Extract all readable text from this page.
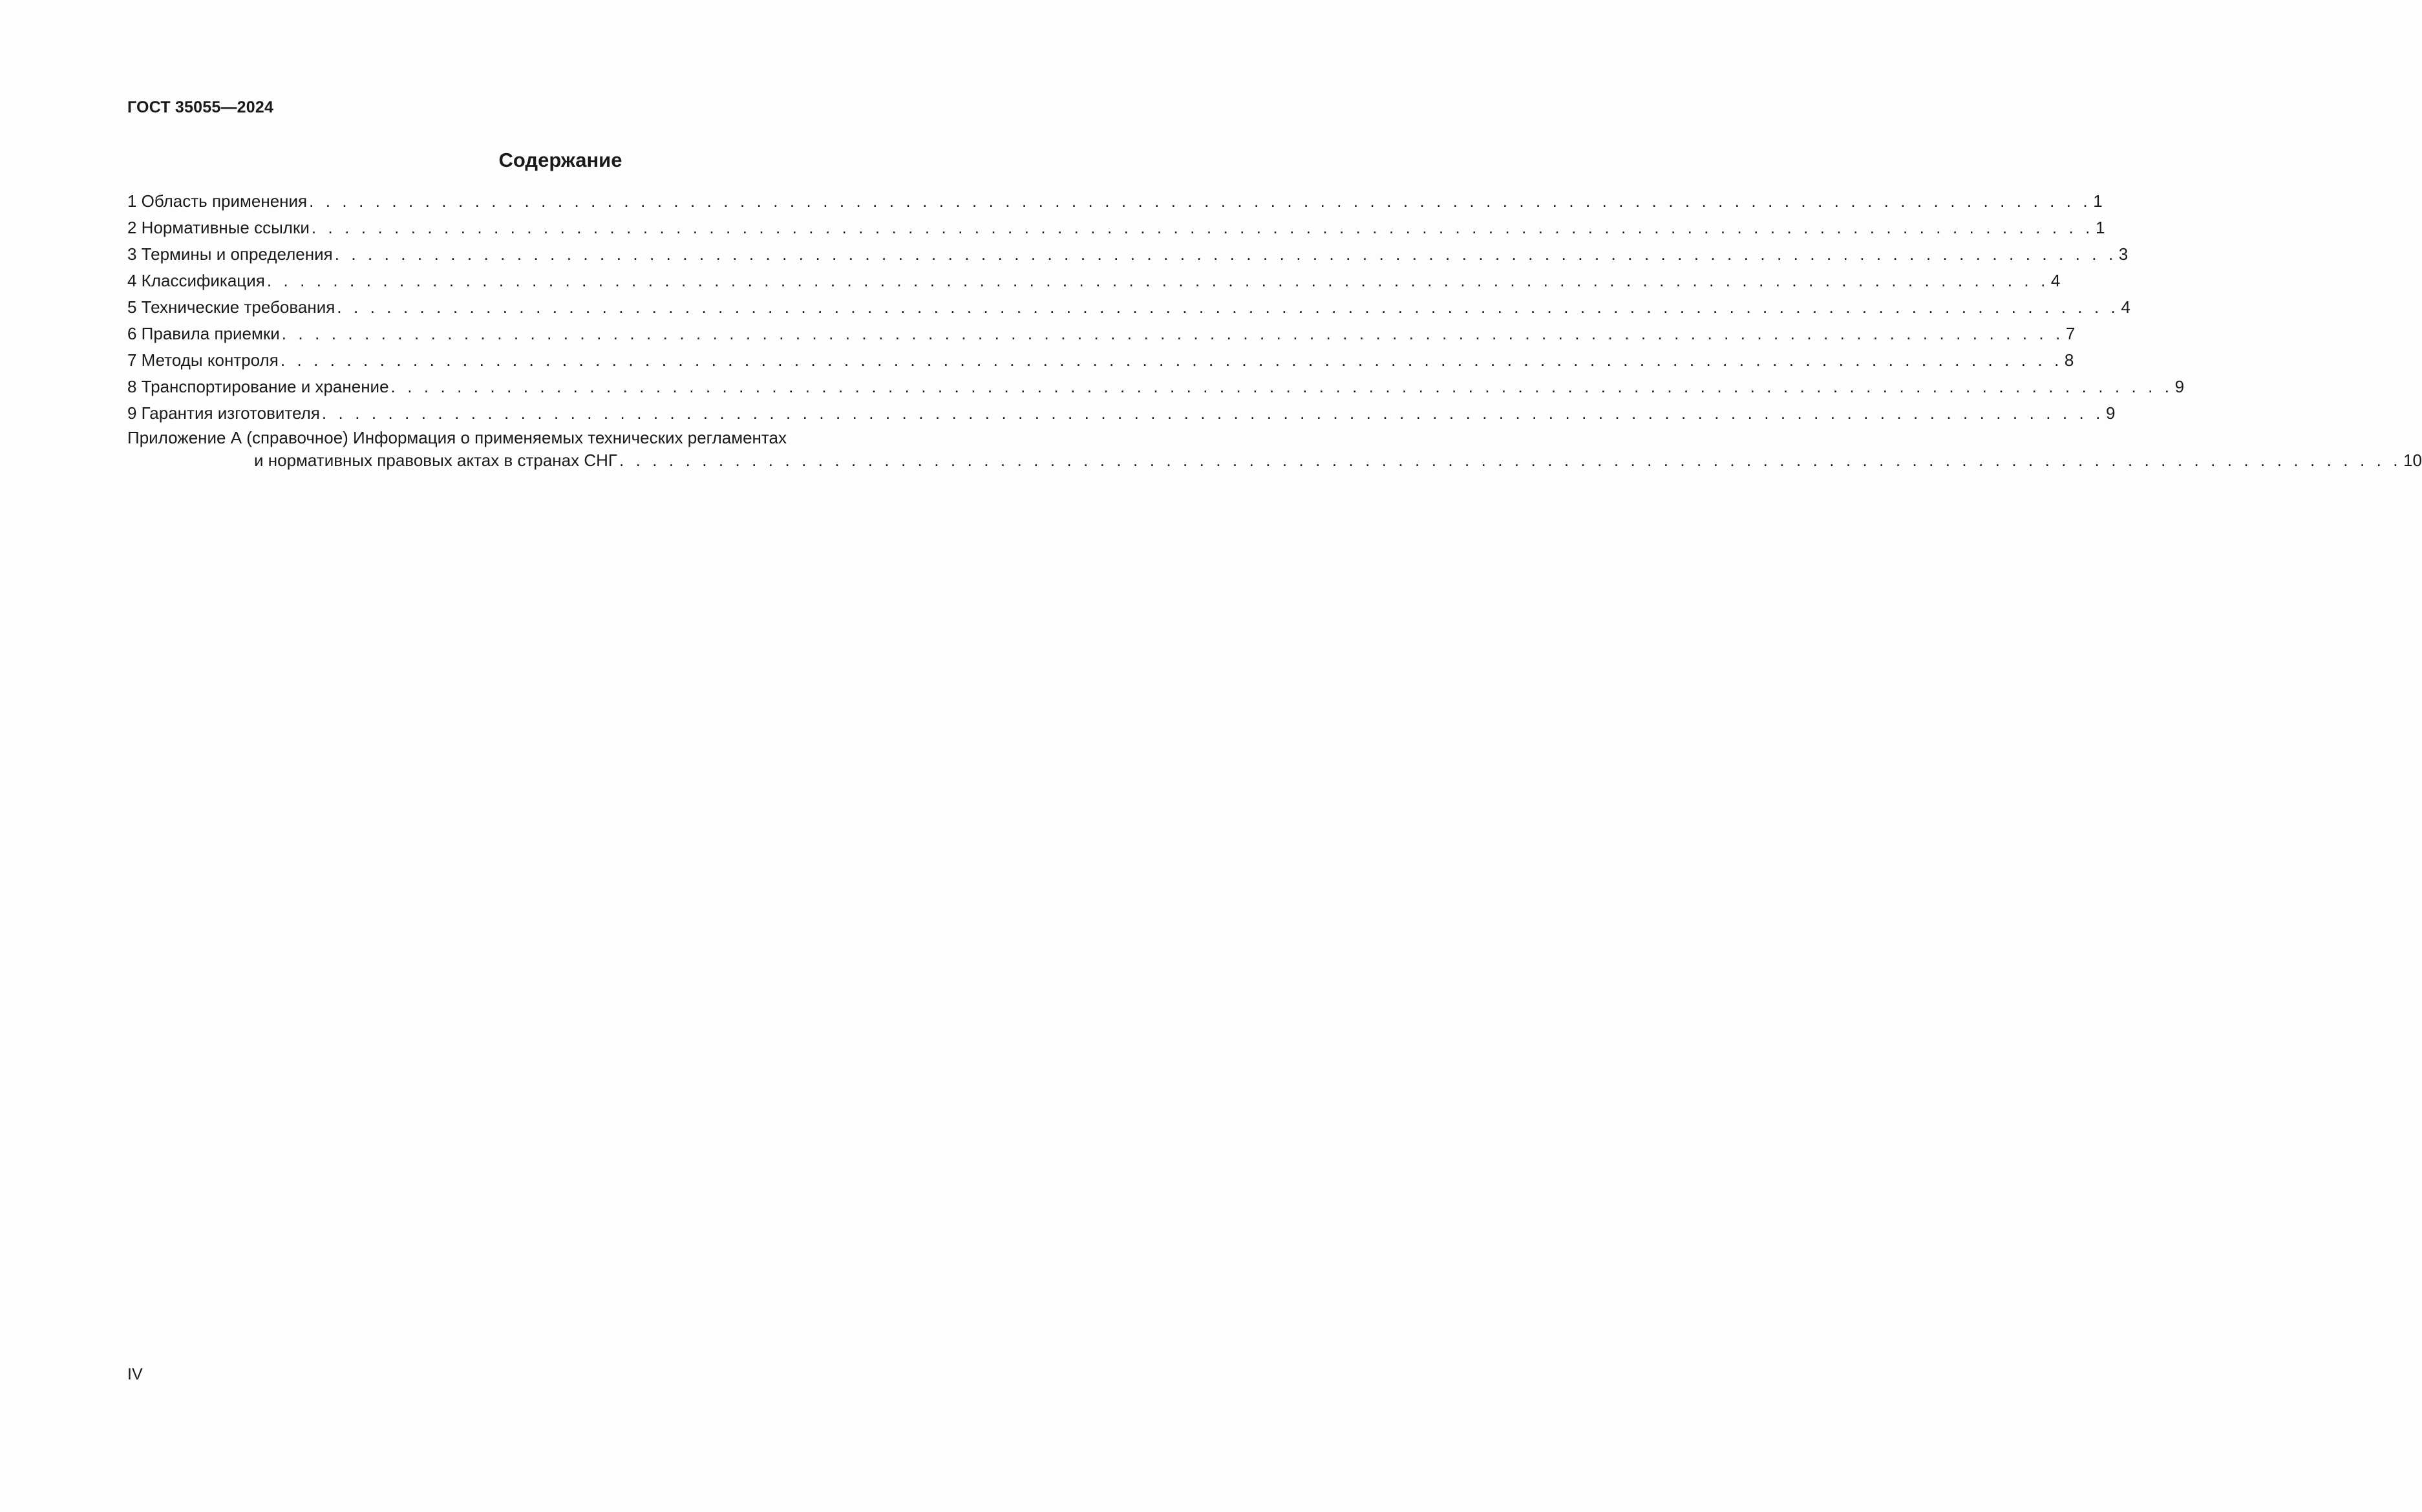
ГОСТ 35055—2024
Содержание
1 Область применения . . . . . . . . . . . . . . . . . . . . . . . . . . . . . . . . . . . . . . . . . . . . . . . . . . . . . . . . . . . . . . . . . . . . . . . . . . . . . . . . . . . . . . . . . . . . . . . . . . . . . . . . . . . . 1
2 Нормативные ссылки . . . . . . . . . . . . . . . . . . . . . . . . . . . . . . . . . . . . . . . . . . . . . . . . . . . . . . . . . . . . . . . . . . . . . . . . . . . . . . . . . . . . . . . . . . . . . . . . . . . . . . . . . . . . 1
3 Термины и определения . . . . . . . . . . . . . . . . . . . . . . . . . . . . . . . . . . . . . . . . . . . . . . . . . . . . . . . . . . . . . . . . . . . . . . . . . . . . . . . . . . . . . . . . . . . . . . . . . . . . . . . . . . . . 3
4 Классификация . . . . . . . . . . . . . . . . . . . . . . . . . . . . . . . . . . . . . . . . . . . . . . . . . . . . . . . . . . . . . . . . . . . . . . . . . . . . . . . . . . . . . . . . . . . . . . . . . . . . . . . . . . . . 4
5 Технические требования . . . . . . . . . . . . . . . . . . . . . . . . . . . . . . . . . . . . . . . . . . . . . . . . . . . . . . . . . . . . . . . . . . . . . . . . . . . . . . . . . . . . . . . . . . . . . . . . . . . . . . . . . . . . 4
6 Правила приемки . . . . . . . . . . . . . . . . . . . . . . . . . . . . . . . . . . . . . . . . . . . . . . . . . . . . . . . . . . . . . . . . . . . . . . . . . . . . . . . . . . . . . . . . . . . . . . . . . . . . . . . . . . . . 7
7 Методы контроля . . . . . . . . . . . . . . . . . . . . . . . . . . . . . . . . . . . . . . . . . . . . . . . . . . . . . . . . . . . . . . . . . . . . . . . . . . . . . . . . . . . . . . . . . . . . . . . . . . . . . . . . . . . . 8
8 Транспортирование и хранение . . . . . . . . . . . . . . . . . . . . . . . . . . . . . . . . . . . . . . . . . . . . . . . . . . . . . . . . . . . . . . . . . . . . . . . . . . . . . . . . . . . . . . . . . . . . . . . . . . . . . . . . . . . . 9
9 Гарантия изготовителя . . . . . . . . . . . . . . . . . . . . . . . . . . . . . . . . . . . . . . . . . . . . . . . . . . . . . . . . . . . . . . . . . . . . . . . . . . . . . . . . . . . . . . . . . . . . . . . . . . . . . . . . . . . . 9
Приложение А (справочное) Информация о применяемых технических регламентах
и нормативных правовых актах в странах СНГ . . . . . . . . . . . . . . . . . . . . . . . . . . . . . . . . . . . . . . . . . . . . . . . . . . . . . . . . . . . . . . . . . . . . . . . . . . . . . . . . . . . . . . . . . . . . . . . . . . . . . . . . . . . . 10
IV
